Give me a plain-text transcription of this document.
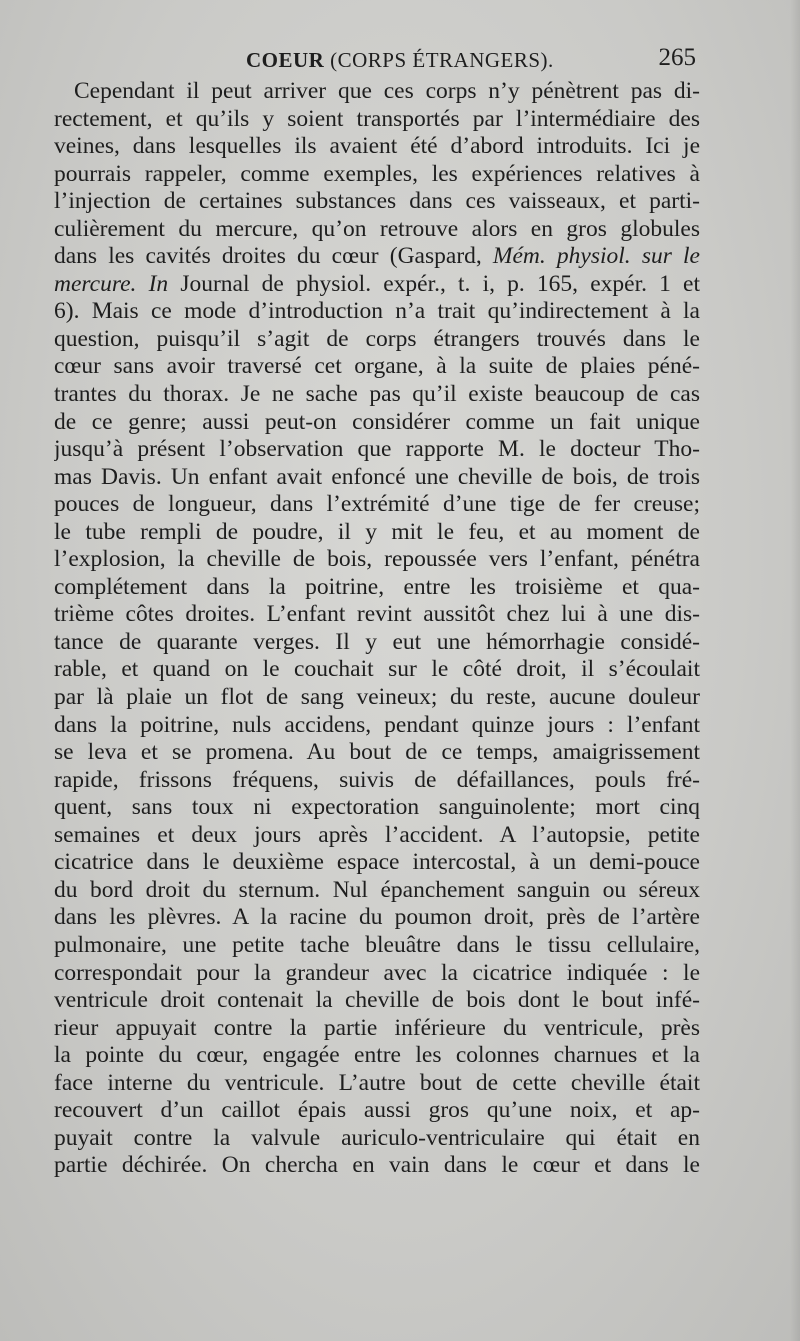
COEUR (CORPS ÉTRANGERS).	265
Cependant il peut arriver que ces corps n’y pénètrent pas di-
rectement, et qu’ils y soient transportés par l’intermédiaire des
veines, dans lesquelles ils avaient été d’abord introduits. Ici je
pourrais rappeler, comme exemples, les expériences relatives à
l’injection de certaines substances dans ces vaisseaux, et parti-
culièrement du mercure, qu’on retrouve alors en gros globules
dans les cavités droites du cœur (Gaspard, Mém. physiol. sur le
mercure. In Journal de physiol. expér., t. i, p. 165, expér. 1 et
6). Mais ce mode d’introduction n’a trait qu’indirectement à la
question, puisqu’il s’agit de corps étrangers trouvés dans le
cœur sans avoir traversé cet organe, à la suite de plaies péné-
trantes du thorax. Je ne sache pas qu’il existe beaucoup de cas
de ce genre; aussi peut-on considérer comme un fait unique
jusqu’à présent l’observation que rapporte M. le docteur Tho-
mas Davis. Un enfant avait enfoncé une cheville de bois, de trois
pouces de longueur, dans l’extrémité d’une tige de fer creuse;
le tube rempli de poudre, il y mit le feu, et au moment de
l’explosion, la cheville de bois, repoussée vers l’enfant, pénétra
complétement dans la poitrine, entre les troisième et qua-
trième côtes droites. L’enfant revint aussitôt chez lui à une dis-
tance de quarante verges. Il y eut une hémorrhagie considé-
rable, et quand on le couchait sur le côté droit, il s’écoulait
par là plaie un flot de sang veineux; du reste, aucune douleur
dans la poitrine, nuls accidens, pendant quinze jours : l’enfant
se leva et se promena. Au bout de ce temps, amaigrissement
rapide, frissons fréquens, suivis de défaillances, pouls fré-
quent, sans toux ni expectoration sanguinolente; mort cinq
semaines et deux jours après l’accident. A l’autopsie, petite
cicatrice dans le deuxième espace intercostal, à un demi-pouce
du bord droit du sternum. Nul épanchement sanguin ou séreux
dans les plèvres. A la racine du poumon droit, près de l’artère
pulmonaire, une petite tache bleuâtre dans le tissu cellulaire,
correspondait pour la grandeur avec la cicatrice indiquée : le
ventricule droit contenait la cheville de bois dont le bout infé-
rieur appuyait contre la partie inférieure du ventricule, près
la pointe du cœur, engagée entre les colonnes charnues et la
face interne du ventricule. L’autre bout de cette cheville était
recouvert d’un caillot épais aussi gros qu’une noix, et ap-
puyait contre la valvule auriculo-ventriculaire qui était en
partie déchirée. On chercha en vain dans le cœur et dans le
